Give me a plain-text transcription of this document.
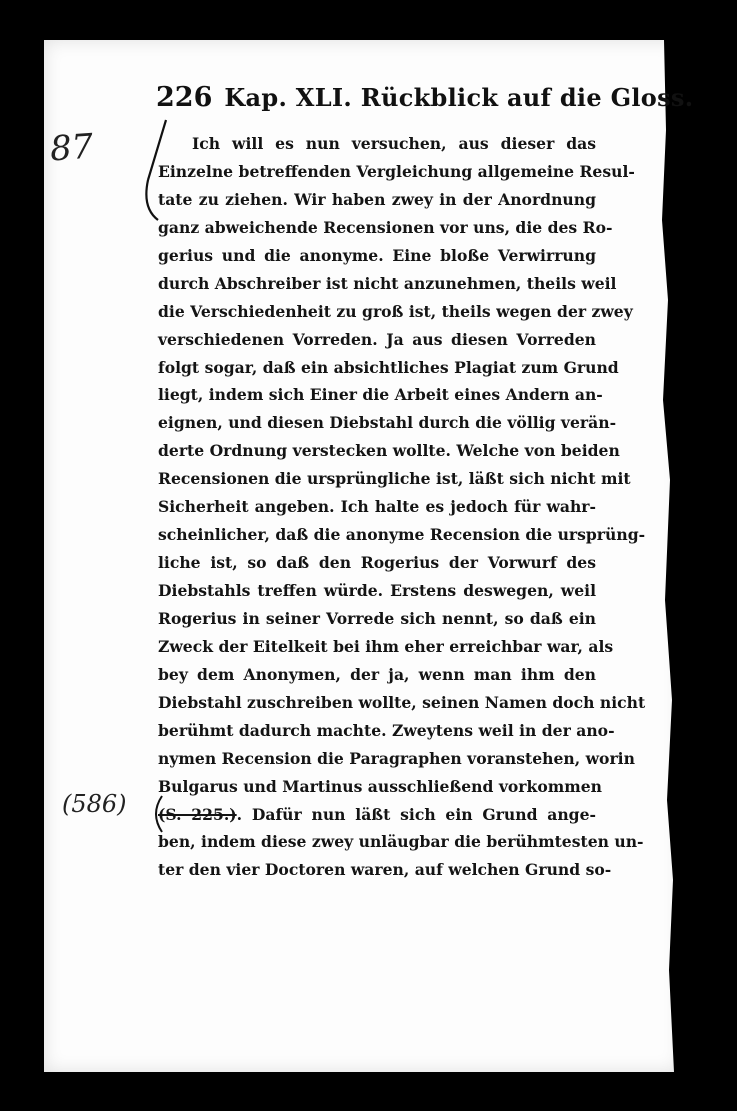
87
(586)
226 Kap. XLI. Rückblick auf die Gloss.
Ich will es nun versuchen, aus dieser das
Einzelne betreffenden Vergleichung allgemeine Resul-
tate zu ziehen. Wir haben zwey in der Anordnung
ganz abweichende Recensionen vor uns, die des Ro-
gerius und die anonyme. Eine bloße Verwirrung
durch Abschreiber ist nicht anzunehmen, theils weil
die Verschiedenheit zu groß ist, theils wegen der zwey
verschiedenen Vorreden. Ja aus diesen Vorreden
folgt sogar, daß ein absichtliches Plagiat zum Grund
liegt, indem sich Einer die Arbeit eines Andern an-
eignen, und diesen Diebstahl durch die völlig verän-
derte Ordnung verstecken wollte. Welche von beiden
Recensionen die ursprüngliche ist, läßt sich nicht mit
Sicherheit angeben. Ich halte es jedoch für wahr-
scheinlicher, daß die anonyme Recension die ursprüng-
liche ist, so daß den Rogerius der Vorwurf des
Diebstahls treffen würde. Erstens deswegen, weil
Rogerius in seiner Vorrede sich nennt, so daß ein
Zweck der Eitelkeit bei ihm eher erreichbar war, als
bey dem Anonymen, der ja, wenn man ihm den
Diebstahl zuschreiben wollte, seinen Namen doch nicht
berühmt dadurch machte. Zweytens weil in der ano-
nymen Recension die Paragraphen voranstehen, worin
Bulgarus und Martinus ausschließend vorkommen
(S. 225.). Dafür nun läßt sich ein Grund ange-
ben, indem diese zwey unläugbar die berühmtesten un-
ter den vier Doctoren waren, auf welchen Grund so-
